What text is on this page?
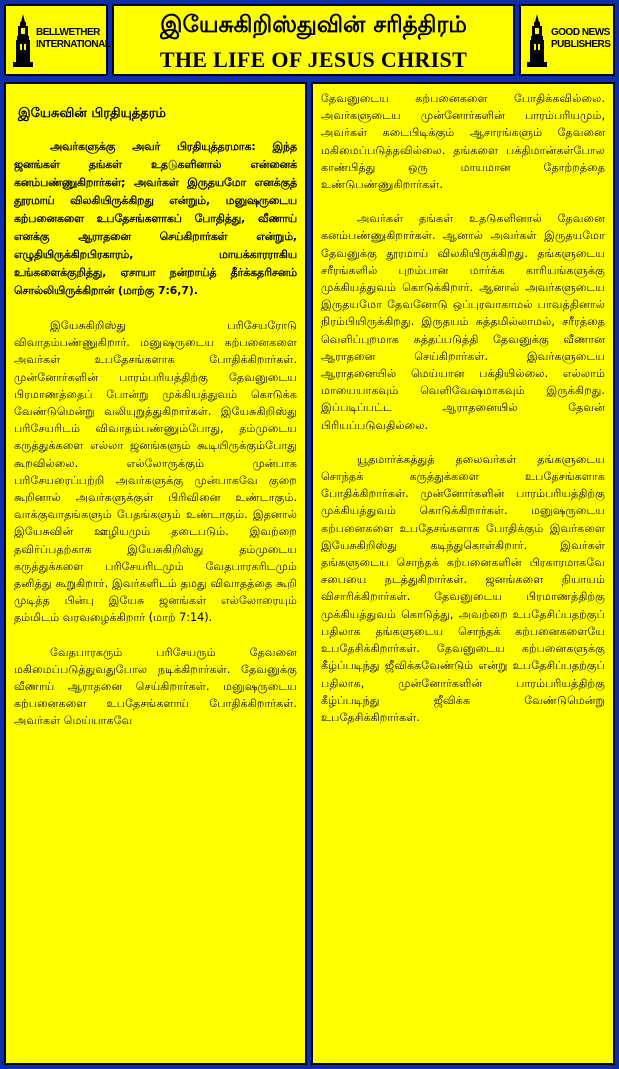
BELLWETHER
INTERNATIONAL
இயேசுகிறிஸ்துவின் சரித்திரம்
THE LIFE OF JESUS CHRIST
GOOD NEWS
PUBLISHERS
இயேசுவின் பிரதியுத்தரம்

அவர்களுக்கு அவர் பிரதியுத்தரமாக: இந்த ஜனங்கள் தங்கள் உதடுகளினால் என்னைக் கனம்பண்ணுகிறார்கள்; அவர்கள் இருதயமோ எனக்குத் தூரமாய் விலகியிருக்கிறது என்றும், மனுஷருடைய கற்பனைகளை உபதேசங்களாகப் போதித்து, வீணாய் எனக்கு ஆராதனை செய்கிறார்கள் என்றும், எழுதியிருக்கிறபிரகாரம், மாயக்காரராகிய உங்களைக்குறித்து, ஏசாயா நன்றாய்த் தீர்க்கதரிசனம் சொல்லியிருக்கிறான் (மாற்கு 7:6,7).

இயேசுகிறிஸ்து பரிசேயரோடு விவாதம்பண்ணுகிறார். மனுஷருடைய கற்பனைகளை அவர்கள் உபதேசங்களாக போதிக்கிறார்கள். முன்னோர்களின் பாரம்பரியத்திற்கு தேவனுடைய பிரமாணத்தைப் போன்று முக்கியத்துவம் கொடுக்க வேண்டுமென்று வலியுறுத்துகிறார்கள். இயேசுகிறிஸ்து பரிசேயரிடம் விவாதம்பண்ணும்போது, தம்முடைய கருத்துக்களை எல்லா ஜனங்களும் கூடியிருக்கும்போது கூறவில்லை. எல்லோருக்கும் முன்பாக பரிசேயரைப்பற்றி அவர்களுக்கு முன்பாகவே குறை கூறினால் அவர்களுக்குள் பிரிவினை உண்டாகும். வாக்குவாதங்களும் பேதங்களும் உண்டாகும். இதனால் இயேசுவின் ஊழியமும் தடைபடும். இவற்றை தவிர்ப்பதற்காக இயேசுகிறிஸ்து தம்முடைய கருத்துக்களை பரிசேயரிடமும் வேதபாரகரிடமும் தனித்து கூறுகிறார். இவர்களிடம் தமது விவாதத்தை கூறி முடித்த பின்பு இயேசு ஜனங்கள் எல்லோரையும் தம்மிடம் வரவழைக்கிறார் (மாற் 7:14).

வேதபாரகரும் பரிசேயரும் தேவனை மகிமைப்படுத்துவதுபோல நடிக்கிறார்கள். தேவனுக்கு வீணாய் ஆராதனை செய்கிறார்கள். மனுஷருடைய கற்பனைகளை உபதேசங்களாய் போதிக்கிறார்கள். அவர்கள் மெய்யாகவே

தேவனுடைய கற்பனைகளை போதிக்கவில்லை. அவர்களுடைய முன்னோர்களின் பாரம்பரியமும், அவர்கள் கடைபிடிக்கும் ஆசாரங்களும் தேவனை மகிமைப்படுத்தவில்லை. தங்களை பக்திமான்கள்போல காண்பித்து ஒரு மாயமான தோற்றத்தை உண்டுபண்ணுகிறார்கள்.

அவர்கள் தங்கள் உதடுகளினால் தேவனை கனம்பண்ணுகிறார்கள். ஆனால் அவர்கள் இருதயமோ தேவனுக்கு தூரமாய் விலகியிருக்கிறது. தங்களுடைய சரீரங்களில் புறம்பான மார்க்க காரியங்களுக்கு முக்கியத்துவம் கொடுக்கிறார். ஆனால் அவர்களுடைய இருதயமோ தேவனோடு ஒப்புரவாகாமல் பாவத்தினால் நிரம்பியிருக்கிறது. இருதயம் சுத்தமில்லாமல், சரீரத்தை வெளிப்புறமாக சுத்தப்படுத்தி தேவனுக்கு வீணான ஆராதனை செய்கிறார்கள். இவர்களுடைய ஆராதனையில் மெய்யான பக்தியில்லை. எல்லாம் மாயையாகவும் வெளிவேஷமாகவும் இருக்கிறது. இப்படிப்பட்ட ஆராதனையில் தேவன் பிரியப்படுவதில்லை.

யூதமார்க்கத்துத் தலைவர்கள் தங்களுடைய சொந்தக் கருத்துக்களை உபதேசங்களாக போதிக்கிறார்கள். முன்னோர்களின் பாரம்பரியத்திற்கு முக்கியத்துவம் கொடுக்கிறார்கள். மனுஷருடைய கற்பனைகளை உபதேசங்களாக போதிக்கும் இவர்களை இயேசுகிறிஸ்து கடிந்துகொள்கிறார். இவர்கள் தங்களுடைய சொந்தக் கற்பனைகளின் பிரகாரமாகவே சபையை நடத்துகிறார்கள். ஜனங்களை நியாயம் விசாரிக்கிறார்கள். தேவனுடைய பிரமாணத்திற்கு முக்கியத்துவம் கொடுத்து, அவற்றை உபதேசிப்பதற்குப் பதிலாக தங்களுடைய சொந்தக் கற்பனைகளையே உபதேசிக்கிறார்கள். தேவனுடைய கற்பனைகளுக்கு கீழ்ப்படிந்து ஜீவிக்கவேண்டும் என்று உபதேசிப்பதற்குப் பதிலாக, முன்னோர்களின் பாரம்பரியத்திற்கு கீழ்ப்படிந்து ஜீவிக்க வேண்டுமென்று உபதேசிக்கிறார்கள்.
